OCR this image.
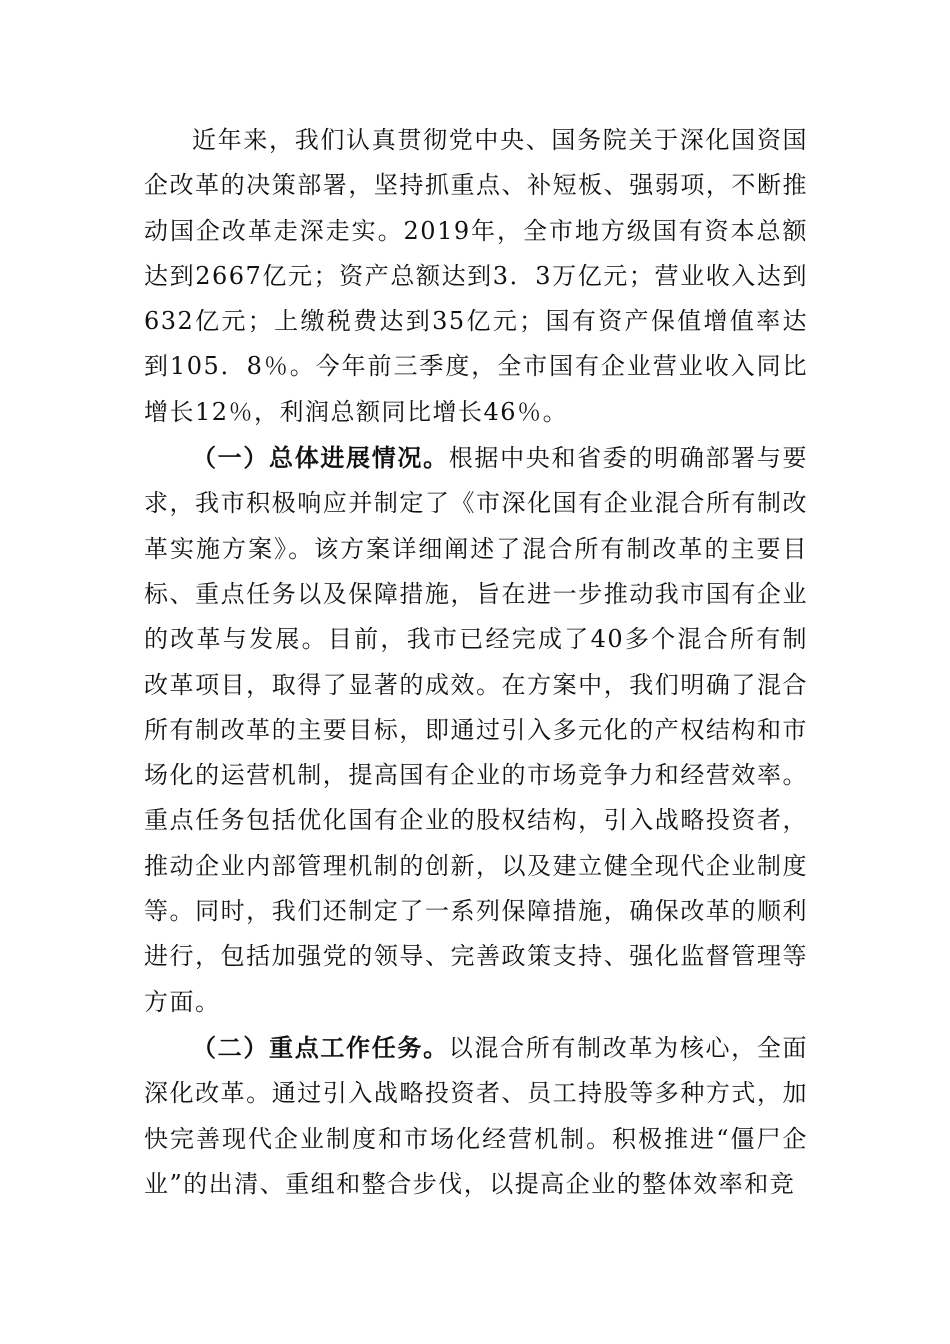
近年来，我们认真贯彻党中央、国务院关于深化国资国企改革的决策部署，坚持抓重点、补短板、强弱项，不断推动国企改革走深走实。2019年，全市地方级国有资本总额达到2667亿元；资产总额达到3．3万亿元；营业收入达到632亿元；上缴税费达到35亿元；国有资产保值增值率达到105．8％。今年前三季度，全市国有企业营业收入同比增长12％，利润总额同比增长46％。

（一）总体进展情况。根据中央和省委的明确部署与要求，我市积极响应并制定了《市深化国有企业混合所有制改革实施方案》。该方案详细阐述了混合所有制改革的主要目标、重点任务以及保障措施，旨在进一步推动我市国有企业的改革与发展。目前，我市已经完成了40多个混合所有制改革项目，取得了显著的成效。在方案中，我们明确了混合所有制改革的主要目标，即通过引入多元化的产权结构和市场化的运营机制，提高国有企业的市场竞争力和经营效率。重点任务包括优化国有企业的股权结构，引入战略投资者，推动企业内部管理机制的创新，以及建立健全现代企业制度等。同时，我们还制定了一系列保障措施，确保改革的顺利进行，包括加强党的领导、完善政策支持、强化监督管理等方面。

（二）重点工作任务。以混合所有制改革为核心，全面深化改革。通过引入战略投资者、员工持股等多种方式，加快完善现代企业制度和市场化经营机制。积极推进“僵尸企业”的出清、重组和整合步伐，以提高企业的整体效率和竞
